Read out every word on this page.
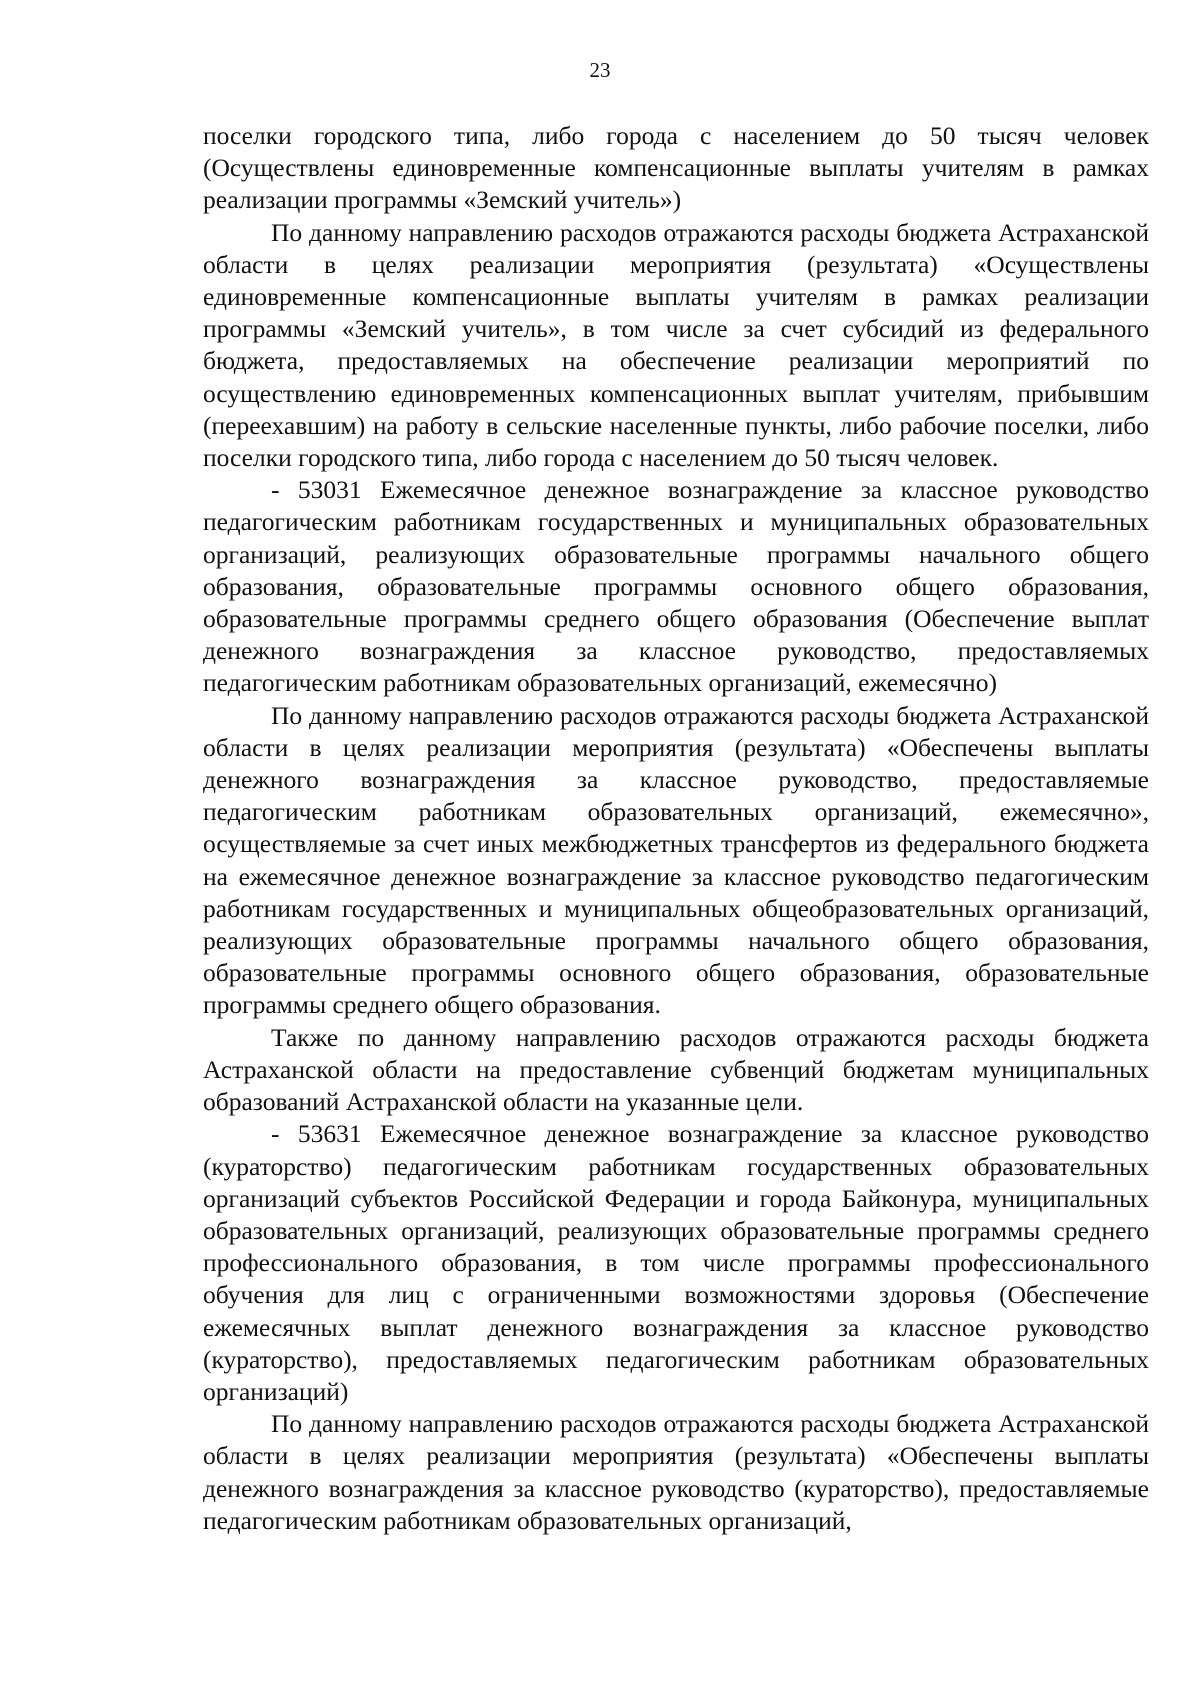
23

поселки городского типа, либо города с населением до 50 тысяч человек (Осуществлены единовременные компенсационные выплаты учителям в рамках реализации программы «Земский учитель»)

По данному направлению расходов отражаются расходы бюджета Астраханской области в целях реализации мероприятия (результата) «Осуществлены единовременные компенсационные выплаты учителям в рамках реализации программы «Земский учитель», в том числе за счет субсидий из федерального бюджета, предоставляемых на обеспечение реализации мероприятий по осуществлению единовременных компенсационных выплат учителям, прибывшим (переехавшим) на работу в сельские населенные пункты, либо рабочие поселки, либо поселки городского типа, либо города с населением до 50 тысяч человек.

- 53031 Ежемесячное денежное вознаграждение за классное руководство педагогическим работникам государственных и муниципальных образовательных организаций, реализующих образовательные программы начального общего образования, образовательные программы основного общего образования, образовательные программы среднего общего образования (Обеспечение выплат денежного вознаграждения за классное руководство, предоставляемых педагогическим работникам образовательных организаций, ежемесячно)

По данному направлению расходов отражаются расходы бюджета Астраханской области в целях реализации мероприятия (результата) «Обеспечены выплаты денежного вознаграждения за классное руководство, предоставляемые педагогическим работникам образовательных организаций, ежемесячно», осуществляемые за счет иных межбюджетных трансфертов из федерального бюджета на ежемесячное денежное вознаграждение за классное руководство педагогическим работникам государственных и муниципальных общеобразовательных организаций, реализующих образовательные программы начального общего образования, образовательные программы основного общего образования, образовательные программы среднего общего образования.

Также по данному направлению расходов отражаются расходы бюджета Астраханской области на предоставление субвенций бюджетам муниципальных образований Астраханской области на указанные цели.

- 53631 Ежемесячное денежное вознаграждение за классное руководство (кураторство) педагогическим работникам государственных образовательных организаций субъектов Российской Федерации и города Байконура, муниципальных образовательных организаций, реализующих образовательные программы среднего профессионального образования, в том числе программы профессионального обучения для лиц с ограниченными возможностями здоровья (Обеспечение ежемесячных выплат денежного вознаграждения за классное руководство (кураторство), предоставляемых педагогическим работникам образовательных организаций)

По данному направлению расходов отражаются расходы бюджета Астраханской области в целях реализации мероприятия (результата) «Обеспечены выплаты денежного вознаграждения за классное руководство (кураторство), предоставляемые педагогическим работникам образовательных организаций,
